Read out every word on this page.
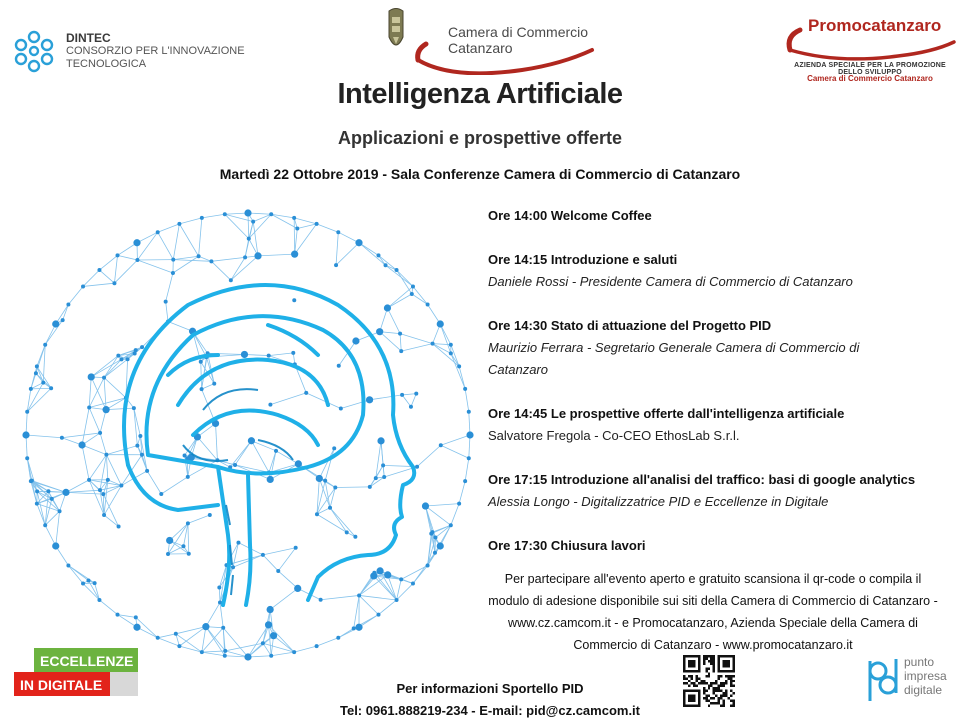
DINTEC
CONSORZIO PER L'INNOVAZIONE
TECNOLOGICA
Camera di Commercio
Catanzaro
Promocatanzaro
AZIENDA SPECIALE PER LA PROMOZIONE DELLO SVILUPPO
Camera di Commercio Catanzaro
Intelligenza Artificiale
Applicazioni e prospettive offerte
Martedì 22 Ottobre 2019 - Sala Conferenze Camera di Commercio di Catanzaro
Ore 14:00 Welcome Coffee
Ore 14:15 Introduzione e saluti
Daniele Rossi - Presidente Camera di Commercio di Catanzaro
Ore 14:30 Stato di attuazione del Progetto PID
Maurizio Ferrara - Segretario Generale Camera di Commercio di Catanzaro
Ore 14:45 Le prospettive offerte dall'intelligenza artificiale
Salvatore Fregola - Co-CEO EthosLab S.r.l.
Ore 17:15 Introduzione all'analisi del traffico: basi di google analytics
Alessia Longo - Digitalizzatrice PID e Eccellenze in Digitale
Ore 17:30 Chiusura lavori
Per partecipare all'evento aperto e gratuito scansiona il qr-code o compila il modulo di adesione disponibile sui siti della Camera di Commercio di Catanzaro - www.cz.camcom.it - e Promocatanzaro, Azienda Speciale della Camera di Commercio di Catanzaro - www.promocatanzaro.it
ECCELLENZE
IN DIGITALE	Per informazioni Sportello PID
Tel: 0961.888219-234 - E-mail: pid@cz.camcom.it
punto
impresa
digitale
